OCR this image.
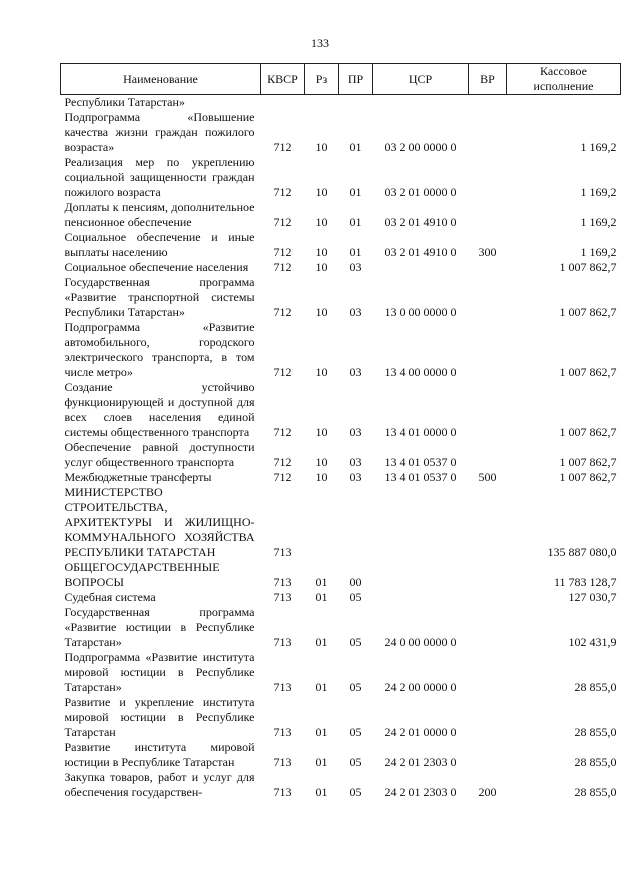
133
Наименование	КВСР	Рз	ПР	ЦСР	ВР	Кассовое исполнение
Республики Татарстан»						
Подпрограмма «Повышение качества жизни граждан пожилого возраста»	712	10	01	03 2 00 0000 0		1 169,2
Реализация мер по укреплению социальной защищенности граждан пожилого возраста	712	10	01	03 2 01 0000 0		1 169,2
Доплаты к пенсиям, дополнительное пенсионное обеспечение	712	10	01	03 2 01 4910 0		1 169,2
Социальное обеспечение и иные выплаты населению	712	10	01	03 2 01 4910 0	300	1 169,2
Социальное обеспечение населения	712	10	03			1 007 862,7
Государственная программа «Развитие транспортной системы Республики Татарстан»	712	10	03	13 0 00 0000 0		1 007 862,7
Подпрограмма «Развитие автомобильного, городского электрического транспорта, в том числе метро»	712	10	03	13 4 00 0000 0		1 007 862,7
Создание устойчиво функционирующей и доступной для всех слоев населения единой системы общественного транспорта	712	10	03	13 4 01 0000 0		1 007 862,7
Обеспечение равной доступности услуг общественного транспорта	712	10	03	13 4 01 0537 0		1 007 862,7
Межбюджетные трансферты	712	10	03	13 4 01 0537 0	500	1 007 862,7
МИНИСТЕРСТВО СТРОИТЕЛЬСТВА, АРХИТЕКТУРЫ И ЖИЛИЩНО-КОММУНАЛЬНОГО ХОЗЯЙСТВА РЕСПУБЛИКИ ТАТАРСТАН	713					135 887 080,0
ОБЩЕГОСУДАРСТВЕННЫЕ ВОПРОСЫ	713	01	00			11 783 128,7
Судебная система	713	01	05			127 030,7
Государственная программа «Развитие юстиции в Республике Татарстан»	713	01	05	24 0 00 0000 0		102 431,9
Подпрограмма «Развитие института мировой юстиции в Республике Татарстан»	713	01	05	24 2 00 0000 0		28 855,0
Развитие и укрепление института мировой юстиции в Республике Татарстан	713	01	05	24 2 01 0000 0		28 855,0
Развитие института мировой юстиции в Республике Татарстан	713	01	05	24 2 01 2303 0		28 855,0
Закупка товаров, работ и услуг для обеспечения государствен-	713	01	05	24 2 01 2303 0	200	28 855,0
